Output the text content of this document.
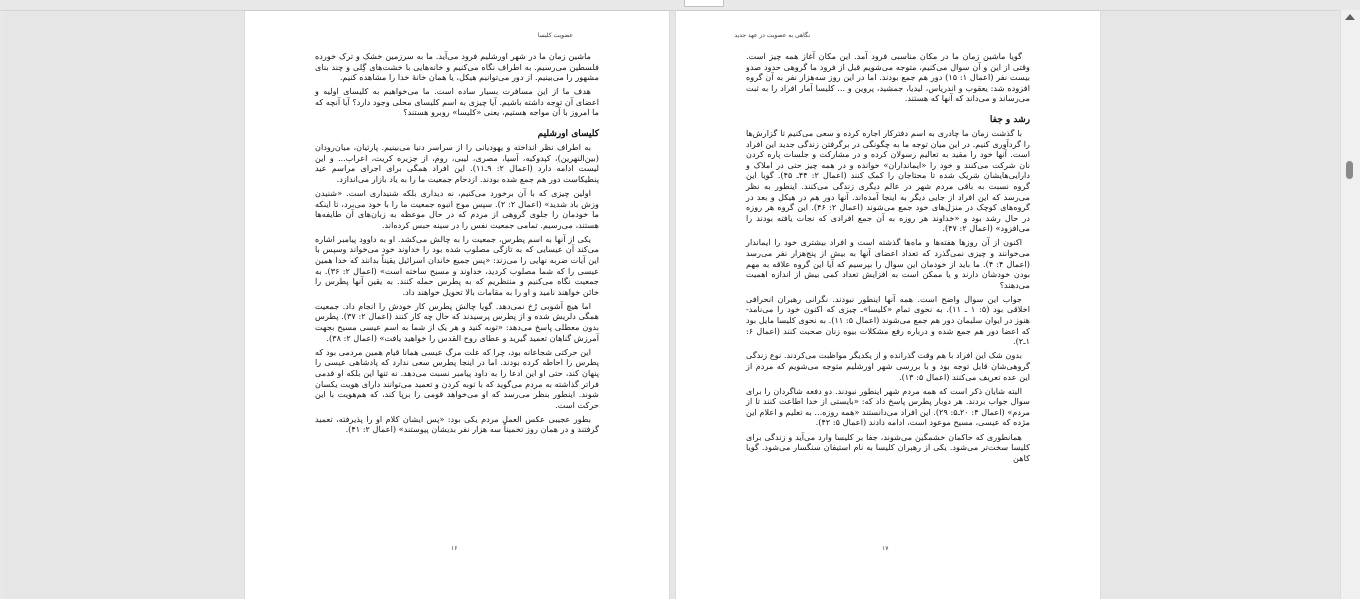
عضویت کلیسا

ماشین زمان ما در شهر اورشلیم فرود می‌آید. ما به سرزمین خشک و ترک خورده فلسطین می‌رسیم. به اطراف نگاه می‌کنیم و خانه‌هایی با خشت‌های گِلی و چند بنای مشهور را می‌بینیم. از دور می‌توانیم هیکل، یا همان خانهٔ خدا را مشاهده کنیم.

هدف ما از این مسافرت بسیار ساده است. ما می‌خواهیم به کلیسای اولیه و اعضای آن توجه داشته باشیم. آیا چیزی به اسم کلیسای محلی وجود دارد؟ آیا آنچه که ما امروز با آن مواجه هستیم، یعنی «کلیسا» روبرو هستند؟

کلیسای اورشلیم

به اطراف نظر انداخته و یهودیانی را از سراسر دنیا می‌بینیم. پارتیان، میان‌رودان (بین‌النهرین)، کپدوکیه، آسیا، مصری، لیبی، روم، از جزیره کریت، اعراب... و این لیست ادامه دارد (اعمال ۲: ۹ـ۱۱). این افراد همگی برای اجرای مراسم عید پنطیکاست دور هم جمع شده بودند. ازدحام جمعیت ما را به یاد بازار می‌اندازد.

اولین چیزی که با آن برخورد می‌کنیم، نه دیداری بلکه شنیداری است. «شنیدن وزش باد شدید» (اعمال ۲: ۲). سپس موج انبوه جمعیت ما را با خود می‌برد، تا اینکه ما خودمان را جلوی گروهی از مردم که در حال موعظه به زبان‌های آن طایفه‌ها هستند، می‌رسیم. تمامی جمعیت نفس را در سینه حبس کرده‌اند.

یکی از آنها به اسم پطرس، جمعیت را به چالش می‌کشد. او به داوود پیامبر اشاره می‌کند آن عیسایی که به تازگی مصلوب شده بود را خداوند خود می‌خواند وسپس با این آیات ضربه نهایی را می‌زند: «پس جمیع خاندان اسرائیل یقیناً بدانند که خدا همین عیسی را که شما مصلوب کردید، خداوند و مسیح ساخته است» (اعمال ۲: ۳۶). به جمعیت نگاه می‌کنیم و منتظریم که به پطرس حمله کنند. به یقین آنها پطرس را خائن خواهند نامید و او را به مقامات بالا تحویل خواهند داد.

اما هیچ آشوبی رُخ نمی‌دهد. گویا چالش پطرس کار خودش را انجام داد. جمعیت همگی دلریش شده و از پطرس پرسیدند که حال چه کار کنند (اعمال ۲: ۳۷). پطرس بدون معطلی پاسخ می‌دهد: «توبه کنید و هر یک از شما به اسم عیسی مسیح بجهت آمرزش گناهان تعمید گیرید و عطای روح القدس را خواهید یافت» (اعمال ۲: ۳۸).

این حرکتی شجاعانه بود، چرا که علت مرگ عیسی همانا قیام همین مردمی بود که پطرس را احاطه کرده بودند. اما در اینجا پطرس سعی ندارد که پادشاهی عیسی را پنهان کند، حتی او این ادعا را به داود پیامبر نسبت می‌دهد. نه تنها این بلکه او قدمی فراتر گذاشته به مردم می‌گوید که با توبه کردن و تعمید می‌توانند دارای هویت یکسان شوند. اینطور بنظر می‌رسد که او می‌خواهد قومی را برپا کند، که هم‌هویت با این حرکت است.

بطور عجیبی عکس العمل مردم یکی بود: «پس ایشان کلام او را پذیرفته، تعمید گرفتند و در همان روز تخمیناً سه هزار نفر بدیشان پیوستند» (اعمال ۲: ۴۱).

۱۶
نگاهی به عضویت در عهد جدید

گویا ماشین زمان ما در مکان مناسبی فرود آمد. این مکان آغاز همه چیز است. وقتی از این و آن سوال می‌کنیم، متوجه می‌شویم قبل از فرود ما گروهی حدود صدو بیست نفر (اعمال ۱: ۱۵) دور هم جمع بودند. اما در این روز سه‌هزار نفر به آن گروه افزوده شد: یعقوب و اندریاس، لیدیا، جمشید، پروین و ... کلیسا آمار افراد را به ثبت می‌رساند و می‌داند که آنها که هستند.

رشد و جفا

با گذشت زمان ما چادری به اسم دفترکار اجاره کرده و سعی می‌کنیم تا گزارش‌ها را گردآوری کنیم. در این میان توجه ما به چگونگی در برگرفتن زندگی جدید این افراد است. آنها خود را مقید به تعالیم رسولان کرده و در مشارکت و جلسات پاره کردن نان شرکت می‌کنند و خود را «ایمانداران» خوانده و در همه چیز حتی در املاک و دارایی‌هایشان شریک شده تا محتاجان را کمک کنند (اعمال ۲: ۴۴ـ ۴۵). گویا این گروه نسبت به باقی مردم شهر در عالم دیگری زندگی می‌کنند. اینطور به نظر می‌رسد که این افراد از جایی دیگر به اینجا آمده‌اند. آنها دور هم در هیکل و بعد در گروه‌های کوچک در منزل‌های خود جمع می‌شوند (اعمال ۲: ۴۶). این گروه هر روزه در حال رشد بود و «خداوند هر روزه به آن جمع افرادی که نجات یافته بودند را می‌افزود» (اعمال ۲: ۴۷).

اکنون از آن روزها هفته‌ها و ماه‌ها گذشته است و افراد بیشتری خود را ایماندار می‌خوانند و چیزی نمی‌گذرد که تعداد اعضای آنها به بیش از پنج‌هزار نفر می‌رسد (اعمال ۴: ۴). ما باید از خودمان این سوال را بپرسیم که آیا این گروه علاقه به مهم بودن خودشان دارند و یا ممکن است به افزایش تعداد کمی بیش از اندازه اهمیت می‌دهند؟

جواب این سوال واضح است. همه آنها اینطور نبودند. نگرانی رهبران انحرافی اخلاقی بود (۵: ۱ ـ ۱۱). به نحوی تمام «کلیسا»ـ چیزی که اکنون خود را می‌نامد- هنوز در ایوان سلیمان دور هم جمع می‌شوند (اعمال ۵: ۱۱). به نحوی کلیسا مایل بود که اعضا دور هم جمع شده و درباره رفع مشکلات بیوه زنان صحبت کنند (اعمال ۶: ۱ـ۲).

بدون شک این افراد با هم وقت گذرانده و از یکدیگر مواظبت می‌کردند. نوع زندگی گروهی‌شان قابل توجه بود و با بررسی شهر اورشلیم متوجه می‌شویم که مردم از این عده تعریف می‌کنند (اعمال ۵: ۱۳).

البته شایان ذکر است که همه مردم شهر اینطور نبودند. دو دفعه شاگردان را برای سوال جواب بردند. هر دوبار پطرس پاسخ داد که: «بایستی از خدا اطاعت کنند تا از مردم» (اعمال ۴: ۲۰ـ۵: ۲۹). این افراد می‌دانستند «همه روزه... به تعلیم و اعلام این مژده که عیسی، مسیح موعود است، ادامه دادند (اعمال ۵: ۴۲).

همانطوری که حاکمان خشمگین می‌شوند، جفا بر کلیسا وارد می‌آید و زندگی برای کلیسا سخت‌تر می‌شود. یکی از رهبران کلیسا به نام استیفان سنگسار می‌شود. گویا کاهن

۱۷
